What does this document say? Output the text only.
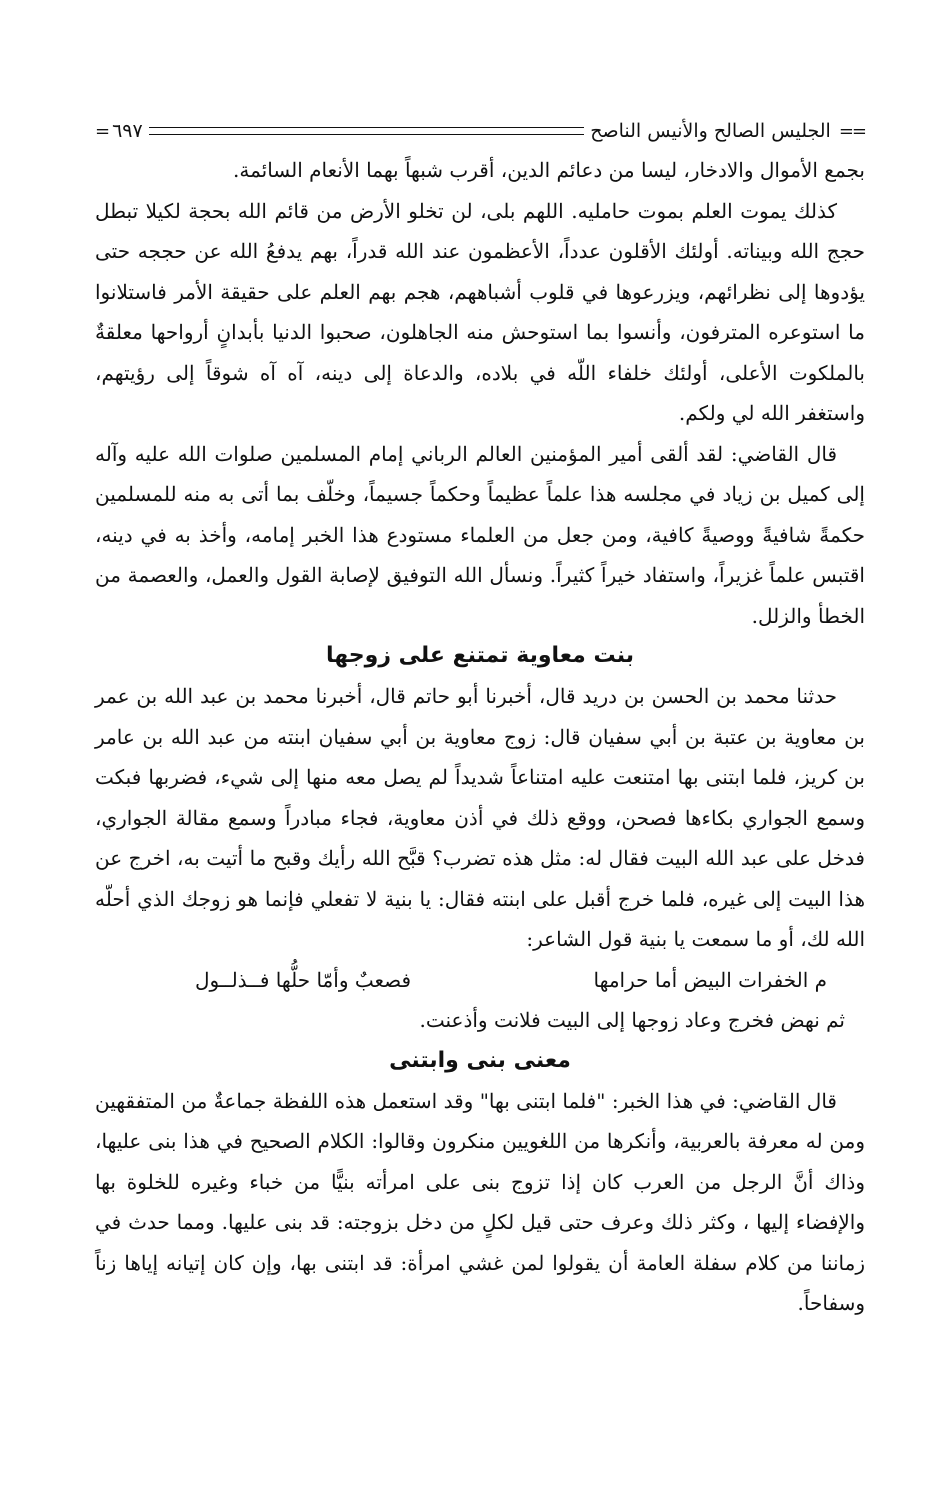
==
الجليس الصالح والأنيس الناصح
٦٩٧
=

بجمع الأموال والادخار، ليسا من دعائم الدين، أقرب شبهاً بهما الأنعام السائمة.

كذلك يموت العلم بموت حامليه. اللهم بلى، لن تخلو الأرض من قائم الله بحجة لكيلا تبطل حجج الله وبيناته. أولئك الأقلون عدداً، الأعظمون عند الله قدراً، بهم يدفعُ الله عن حججه حتى يؤدوها إلى نظرائهم، ويزرعوها في قلوب أشباههم، هجم بهم العلم على حقيقة الأمر فاستلانوا ما استوعره المترفون، وأنسوا بما استوحش منه الجاهلون، صحبوا الدنيا بأبدانٍ أرواحها معلقةٌ بالملكوت الأعلى، أولئك خلفاء اللّه في بلاده، والدعاة إلى دينه، آه آه شوقاً إلى رؤيتهم، واستغفر الله لي ولكم.

قال القاضي: لقد ألقى أمير المؤمنين العالم الرباني إمام المسلمين صلوات الله عليه وآله إلى كميل بن زياد في مجلسه هذا علماً عظيماً وحكماً جسيماً، وخلّف بما أتى به منه للمسلمين حكمةً شافيةً ووصيةً كافية، ومن جعل من العلماء مستودع هذا الخبر إمامه، وأخذ به في دينه، اقتبس علماً غزيراً، واستفاد خيراً كثيراً. ونسأل الله التوفيق لإصابة القول والعمل، والعصمة من الخطأ والزلل.

بنت معاوية تمتنع على زوجها

حدثنا محمد بن الحسن بن دريد قال، أخبرنا أبو حاتم قال، أخبرنا محمد بن عبد الله بن عمر بن معاوية بن عتبة بن أبي سفيان قال: زوج معاوية بن أبي سفيان ابنته من عبد الله بن عامر بن كريز، فلما ابتنى بها امتنعت عليه امتناعاً شديداً لم يصل معه منها إلى شيء، فضربها فبكت وسمع الجواري بكاءها فصحن، ووقع ذلك في أذن معاوية، فجاء مبادراً وسمع مقالة الجواري، فدخل على عبد الله البيت فقال له: مثل هذه تضرب؟ قبَّح الله رأيك وقبح ما أتيت به، اخرج عن هذا البيت إلى غيره، فلما خرج أقبل على ابنته فقال: يا بنية لا تفعلي فإنما هو زوجك الذي أحلّه الله لك، أو ما سمعت يا بنية قول الشاعر:

م الخفرات البيض أما حرامها
فصعبٌ وأمّا حلُّها فــذلــول
ثم نهض فخرج وعاد زوجها إلى البيت فلانت وأذعنت.

معنى بنى وابتنى

قال القاضي: في هذا الخبر: "فلما ابتنى بها" وقد استعمل هذه اللفظة جماعةٌ من المتفقهين ومن له معرفة بالعربية، وأنكرها من اللغويين منكرون وقالوا: الكلام الصحيح في هذا بنى عليها، وذاك أنَّ الرجل من العرب كان إذا تزوج بنى على امرأته بنيًّا من خباء وغيره للخلوة بها والإفضاء إليها ، وكثر ذلك وعرف حتى قيل لكلٍ من دخل بزوجته: قد بنى عليها. ومما حدث في زماننا من كلام سفلة العامة أن يقولوا لمن غشي امرأة: قد ابتنى بها، وإن كان إتيانه إياها زناً وسفاحاً.
